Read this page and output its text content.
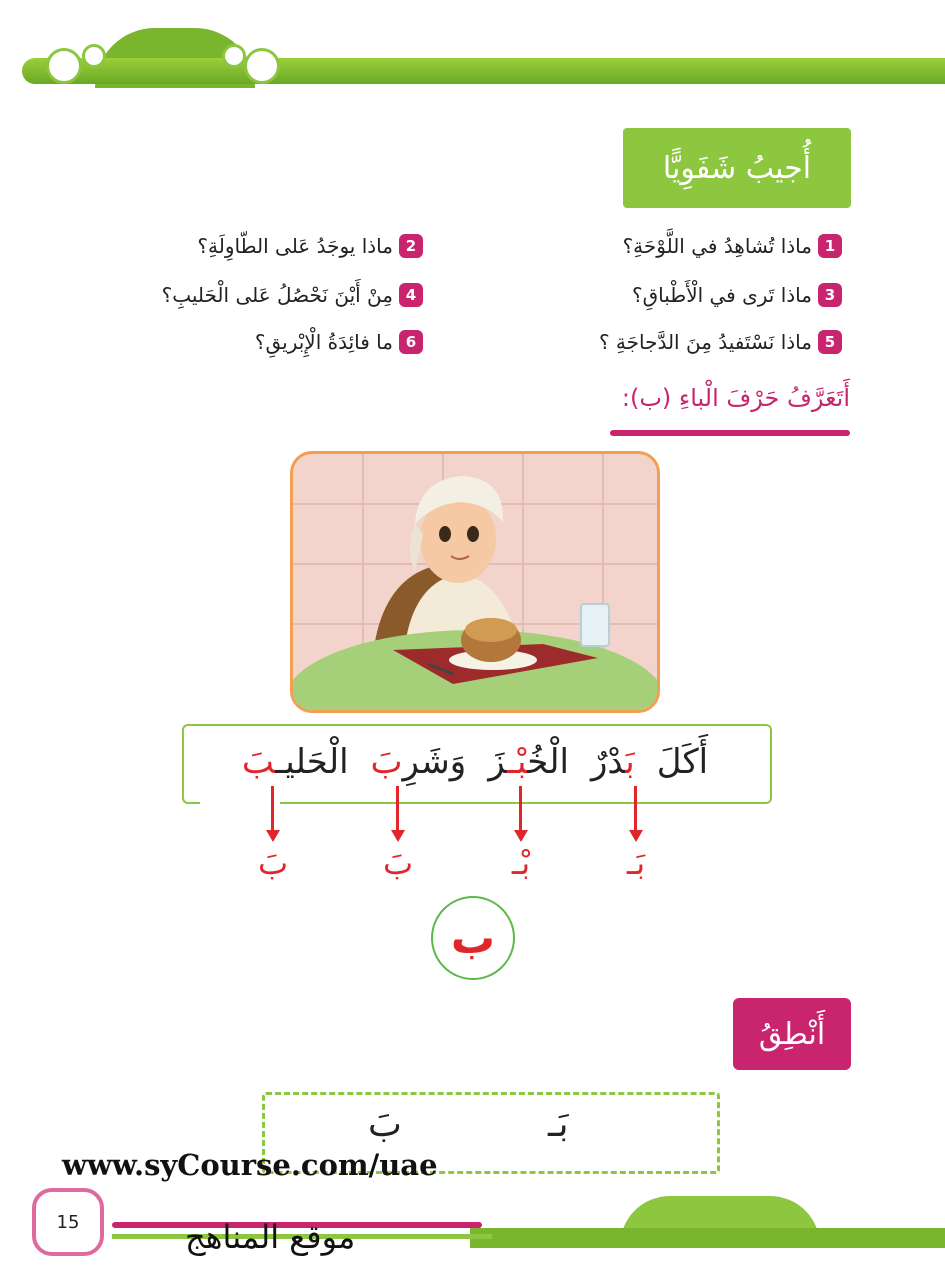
أُجيبُ شَفَوِيًّا
1
ماذا تُشاهِدُ في اللَّوْحَةِ؟
2
ماذا يوجَدُ عَلى الطّاوِلَةِ؟
3
ماذا تَرى في الْأَطْباقِ؟
4
مِنْ أَيْنَ نَحْصُلُ عَلى الْحَليبِ؟
5
ماذا نَسْتَفيدُ مِنَ الدَّجاجَةِ ؟
6
ما فائِدَةُ الْإِبْريقِ؟
أَتَعَرَّفُ حَرْفَ الْباءِ (ب):
أَكَلَ
بَدْرٌ
الْخُبْـزَ
وَشَرِبَ
الْحَليـبَ
بَـ
بْـ
بَ
بَ
ب
أَنْطِقُ
بَـ
بَ
www.syCourse.com/uae
موقع المناهج
15
